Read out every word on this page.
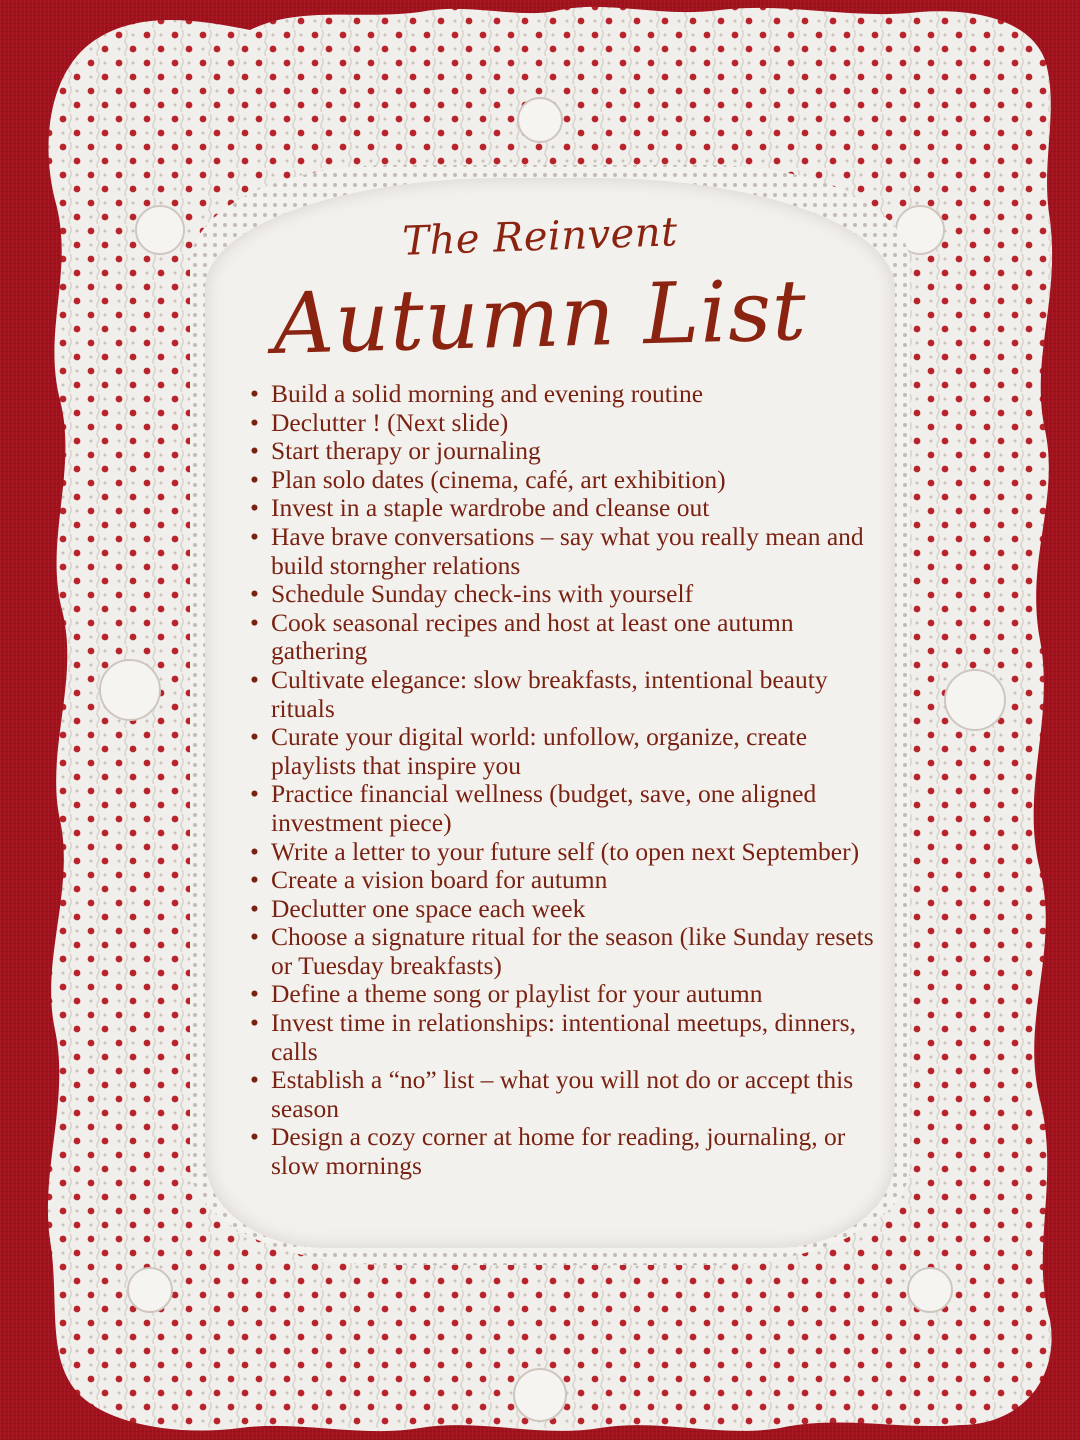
The Reinvent
Autumn List
• Build a solid morning and evening routine
• Declutter ! (Next slide)
• Start therapy or journaling
• Plan solo dates (cinema, café, art exhibition)
• Invest in a staple wardrobe and cleanse out
• Have brave conversations – say what you really mean and build storngher relations
• Schedule Sunday check-ins with yourself
• Cook seasonal recipes and host at least one autumn gathering
• Cultivate elegance: slow breakfasts, intentional beauty rituals
• Curate your digital world: unfollow, organize, create playlists that inspire you
• Practice financial wellness (budget, save, one aligned investment piece)
• Write a letter to your future self (to open next September)
• Create a vision board for autumn
• Declutter one space each week
• Choose a signature ritual for the season (like Sunday resets or Tuesday breakfasts)
• Define a theme song or playlist for your autumn
• Invest time in relationships: intentional meetups, dinners, calls
• Establish a “no” list – what you will not do or accept this season
• Design a cozy corner at home for reading, journaling, or slow mornings
